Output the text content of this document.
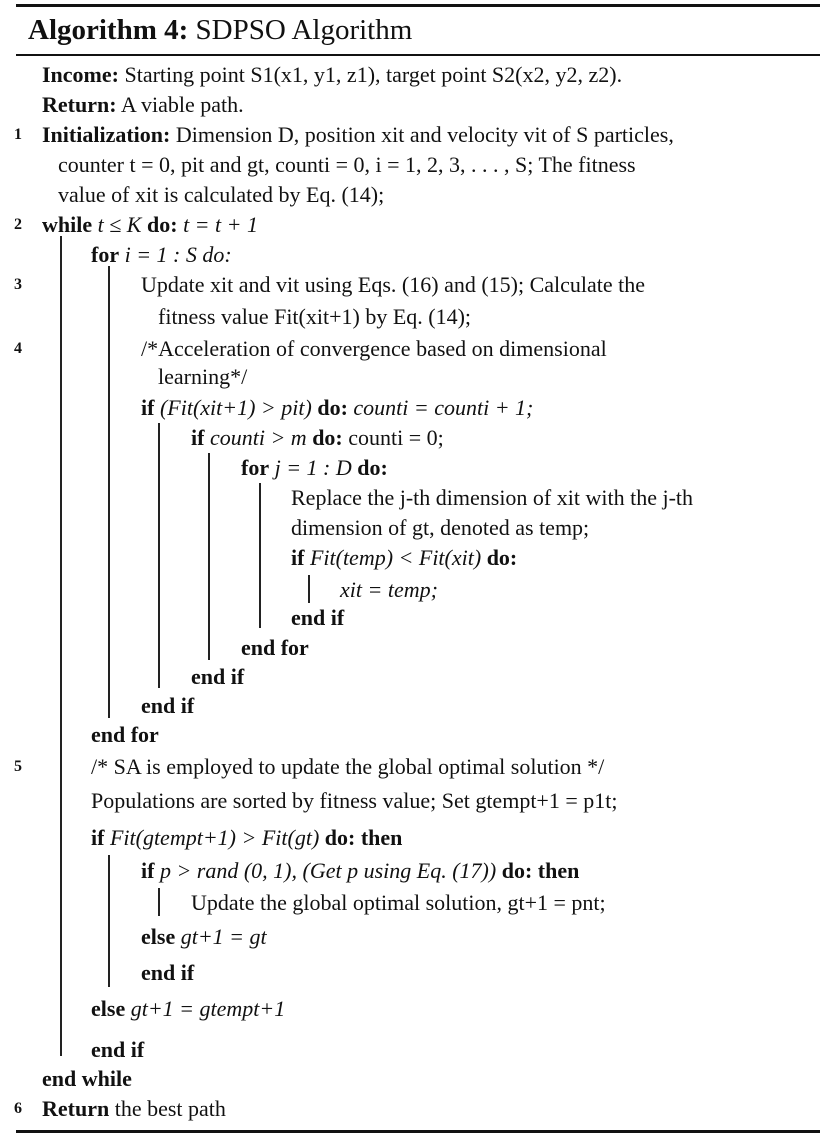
Algorithm 4: SDPSO Algorithm
Income: Starting point S1(x1, y1, z1), target point S2(x2, y2, z2).
Return: A viable path.
1 Initialization: Dimension D, position xit and velocity vit of S particles,
counter t = 0, pit and gt, counti = 0, i = 1, 2, 3, . . . , S; The fitness
value of xit is calculated by Eq. (14);
2 while t ≤ K do: t = t + 1
for i = 1 : S do:
3	Update xit and vit using Eqs. (16) and (15); Calculate the
fitness value Fit(xit+1) by Eq. (14);
4	/*Acceleration of convergence based on dimensional
learning*/
if (Fit(xit+1) > pit) do: counti = counti + 1;
if counti > m do: counti = 0;
for j = 1 : D do:
Replace the j-th dimension of xit with the j-th
dimension of gt, denoted as temp;
if Fit(temp) < Fit(xit) do:
xit = temp;
end if
end for
end if
end if
end for
5	/* SA is employed to update the global optimal solution */
Populations are sorted by fitness value; Set gtempt+1 = p1t;
if Fit(gtempt+1) > Fit(gt) do: then
if p > rand (0, 1), (Get p using Eq. (17)) do: then
Update the global optimal solution, gt+1 = pnt;
else gt+1 = gt
end if
else gt+1 = gtempt+1
end if
end while
6 Return the best path
